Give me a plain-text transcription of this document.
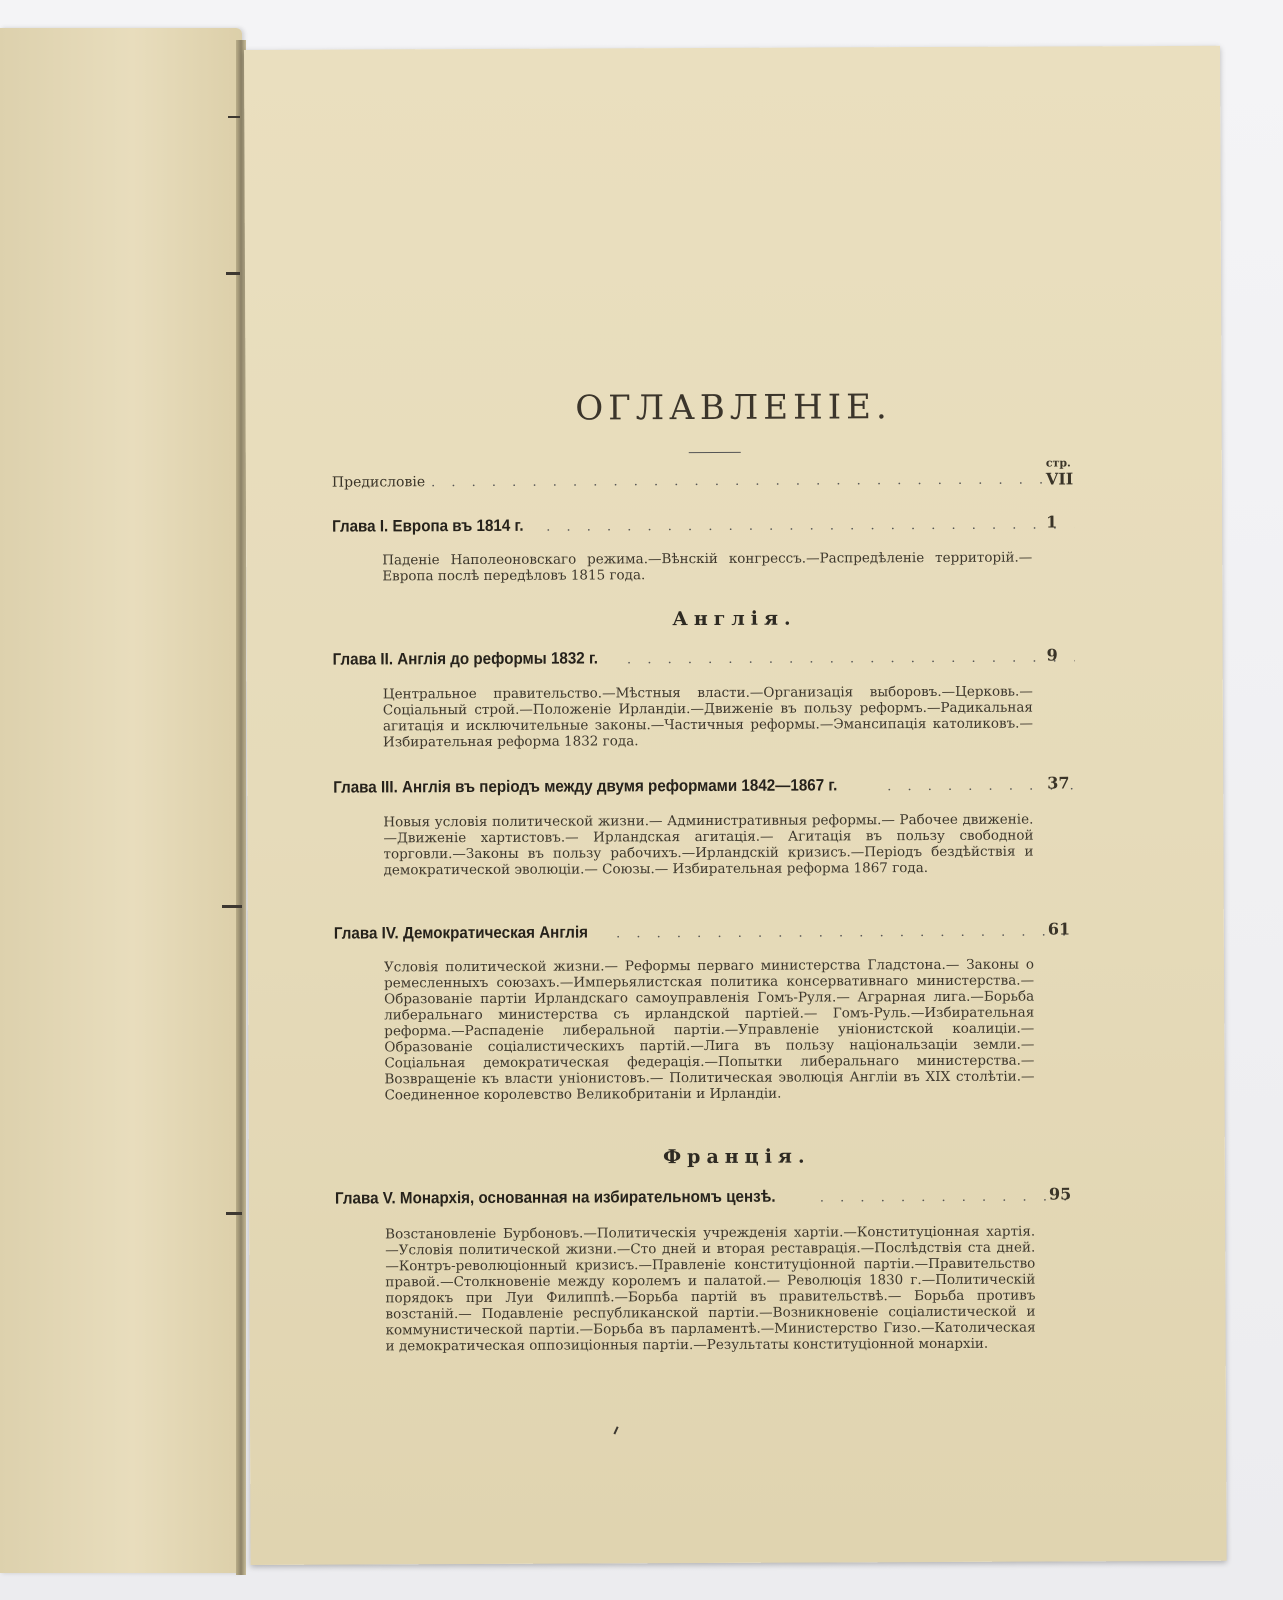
ОГЛАВЛЕНІЕ.
стр.
Предисловіе . . .	VII
Глава I. Европа въ 1814 г. . . .	1
Паденіе Наполеоновскаго режима.—Вѣнскій конгрессъ.—Распредѣленіе территорій.—Европа послѣ передѣловъ 1815 года.
Англія.
Глава II. Англія до реформы 1832 г. . . .	9
Центральное правительство.—Мѣстныя власти.—Организація выборовъ.—Церковь.—Соціальный строй.—Положеніе Ирландіи.—Движеніе въ пользу реформъ.—Радикальная агитація и исключительные законы.—Частичныя реформы.—Эмансипація католиковъ.—Избирательная реформа 1832 года.
Глава III. Англія въ періодъ между двумя реформами 1842—1867 г. . . .	37
Новыя условія политической жизни.— Административныя реформы.— Рабочее движеніе.—Движеніе хартистовъ.— Ирландская агитація.— Агитація въ пользу свободной торговли.—Законы въ пользу рабочихъ.—Ирландскій кризисъ.—Періодъ бездѣйствія и демократической эволюціи.— Союзы.— Избирательная реформа 1867 года.
Глава IV. Демократическая Англія . . .	61
Условія политической жизни.— Реформы перваго министерства Гладстона.— Законы о ремесленныхъ союзахъ.—Имперьялистская политика консервативнаго министерства.—Образованіе партіи Ирландскаго самоуправленія Гомъ-Руля.— Аграрная лига.—Борьба либеральнаго министерства съ ирландской партіей.— Гомъ-Руль.—Избирательная реформа.—Распаденіе либеральной партіи.—Управленіе уніонистской коалиціи.—Образованіе соціалистическихъ партій.—Лига въ пользу національзаціи земли.— Соціальная демократическая федерація.—Попытки либеральнаго министерства.— Возвращеніе къ власти уніонистовъ.— Политическая эволюція Англіи въ XIX столѣтіи.— Соединенное королевство Великобританіи и Ирландіи.
Франція.
Глава V. Монархія, основанная на избирательномъ цензѣ. . . .	95
Возстановленіе Бурбоновъ.—Политическія учрежденія хартіи.—Конституціонная хартія.—Условія политической жизни.—Сто дней и вторая реставрація.—Послѣдствія ста дней.—Контръ-революціонный кризисъ.—Правленіе конституціонной партіи.—Правительство правой.—Столкновеніе между королемъ и палатой.— Революція 1830 г.—Политическій порядокъ при Луи Филиппѣ.—Борьба партій въ правительствѣ.— Борьба противъ возстаній.— Подавленіе республиканской партіи.—Возникновеніе соціалистической и коммунистической партіи.—Борьба въ парламентѣ.—Министерство Гизо.—Католическая и демократическая оппозиціонныя партіи.—Результаты конституціонной монархіи.
